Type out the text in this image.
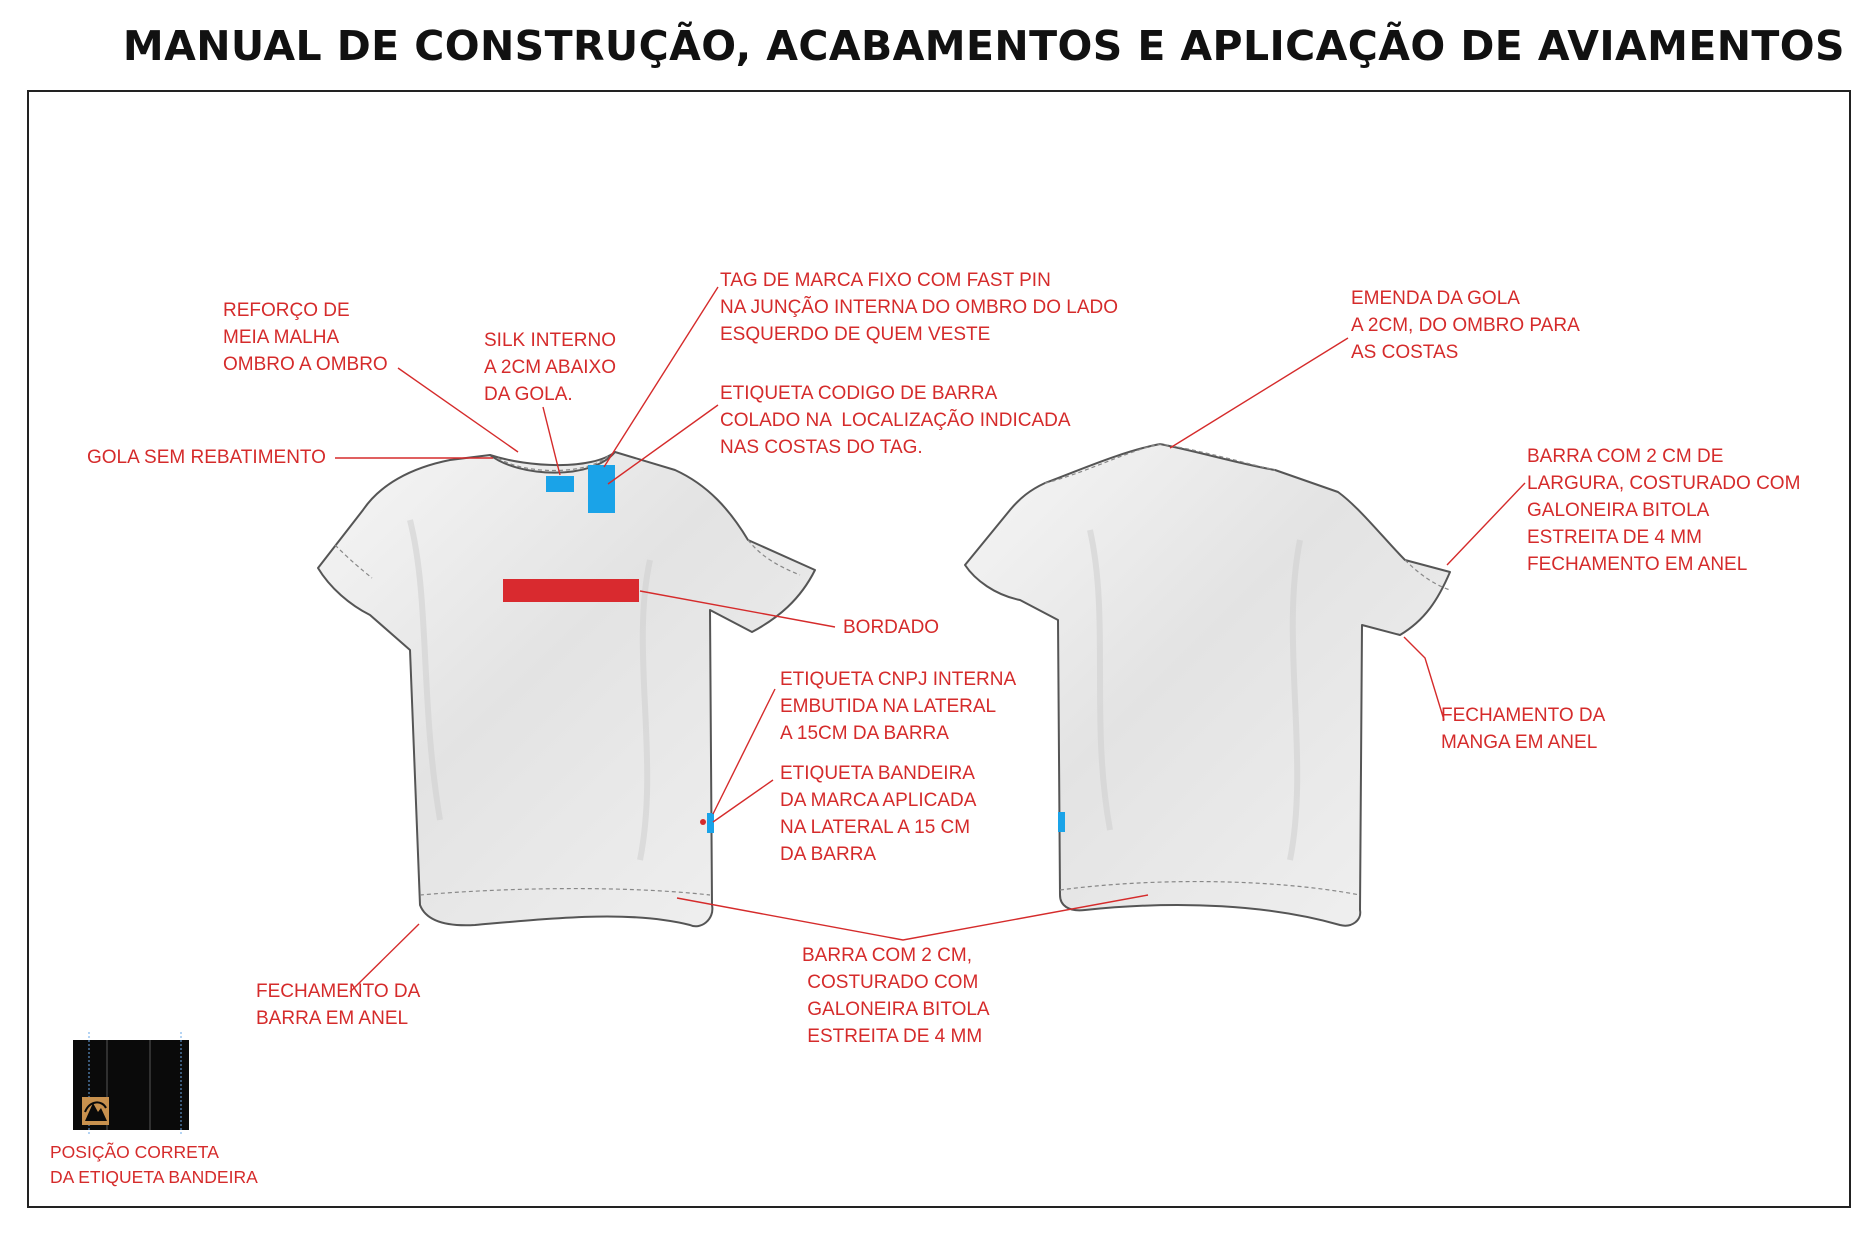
MANUAL DE CONSTRUÇÃO, ACABAMENTOS E APLICAÇÃO DE AVIAMENTOS
REFORÇO DE
MEIA MALHA
OMBRO A OMBRO
GOLA SEM REBATIMENTO
SILK INTERNO
A 2CM ABAIXO
DA GOLA.
TAG DE MARCA FIXO COM FAST PIN
NA JUNÇÃO INTERNA DO OMBRO DO LADO
ESQUERDO DE QUEM VESTE
ETIQUETA CODIGO DE BARRA
COLADO NA  LOCALIZAÇÃO INDICADA
NAS COSTAS DO TAG.
BORDADO
ETIQUETA CNPJ INTERNA
EMBUTIDA NA LATERAL
A 15CM DA BARRA
ETIQUETA BANDEIRA
DA MARCA APLICADA
NA LATERAL A 15 CM
DA BARRA
FECHAMENTO DA
BARRA EM ANEL
BARRA COM 2 CM,
COSTURADO COM
GALONEIRA BITOLA
ESTREITA DE 4 MM
EMENDA DA GOLA
A 2CM, DO OMBRO PARA
AS COSTAS
BARRA COM 2 CM DE
LARGURA, COSTURADO COM
GALONEIRA BITOLA
ESTREITA DE 4 MM
FECHAMENTO EM ANEL
FECHAMENTO DA
MANGA EM ANEL
POSIÇÃO CORRETA
DA ETIQUETA BANDEIRA
